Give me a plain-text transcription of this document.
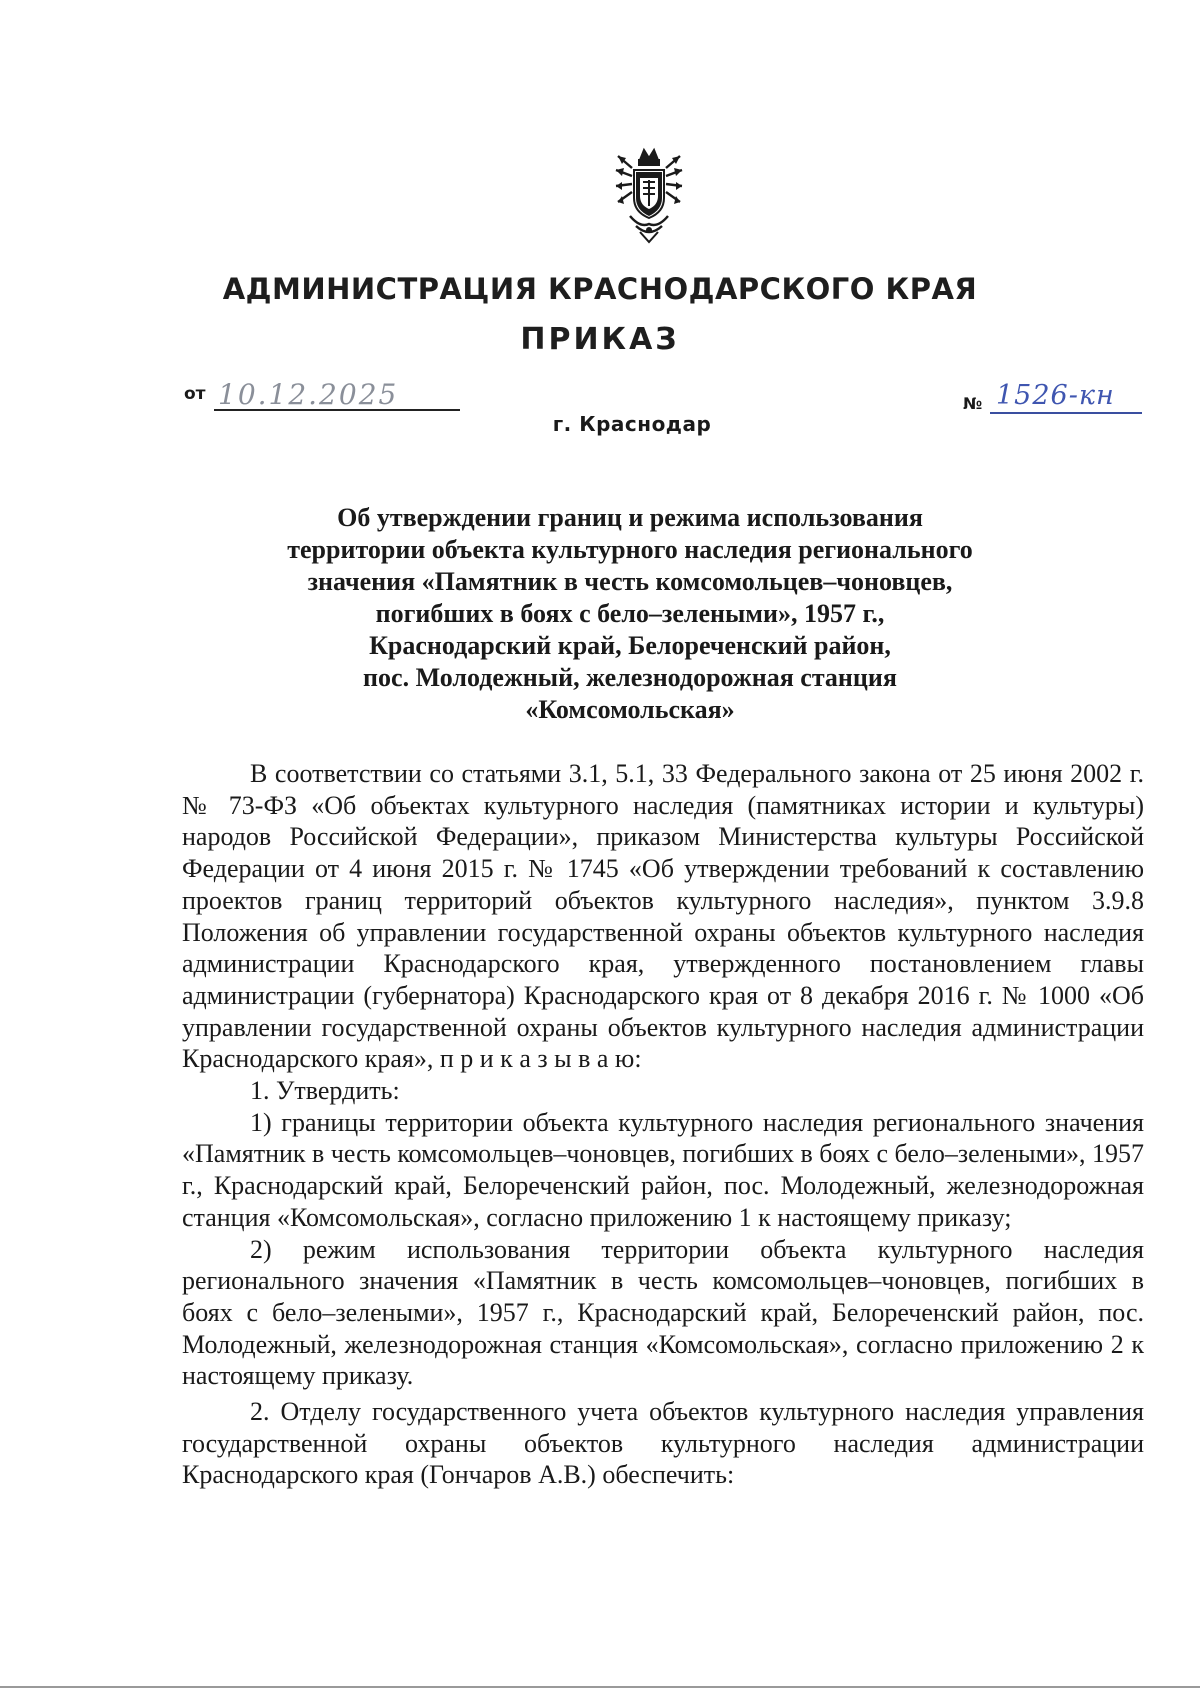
АДМИНИСТРАЦИЯ КРАСНОДАРСКОГО КРАЯ
ПРИКАЗ
от 10.12.2025	№ 1526-кн
г. Краснодар
Об утверждении границ и режима использования
территории объекта культурного наследия регионального
значения «Памятник в честь комсомольцев–чоновцев,
погибших в боях с бело–зелеными», 1957 г.,
Краснодарский край, Белореченский район,
пос. Молодежный, железнодорожная станция
«Комсомольская»

В соответствии со статьями 3.1, 5.1, 33 Федерального закона от 25 июня 2002 г. № 73-ФЗ «Об объектах культурного наследия (памятниках истории и культуры) народов Российской Федерации», приказом Министерства культуры Российской Федерации от 4 июня 2015 г. № 1745 «Об утверждении требований к составлению проектов границ территорий объектов культурного наследия», пунктом 3.9.8 Положения об управлении государственной охраны объектов культурного наследия администрации Краснодарского края, утвержденного постановлением главы администрации (губернатора) Краснодарского края от 8 декабря 2016 г. № 1000 «Об управлении государственной охраны объектов культурного наследия администрации Краснодарского края», п р и к а з ы в а ю:

1. Утвердить:

1) границы территории объекта культурного наследия регионального значения «Памятник в честь комсомольцев–чоновцев, погибших в боях с бело–зелеными», 1957 г., Краснодарский край, Белореченский район, пос. Молодежный, железнодорожная станция «Комсомольская», согласно приложению 1 к настоящему приказу;

2) режим использования территории объекта культурного наследия регионального значения «Памятник в честь комсомольцев–чоновцев, погибших в боях с бело–зелеными», 1957 г., Краснодарский край, Белореченский район, пос. Молодежный, железнодорожная станция «Комсомольская», согласно приложению 2 к настоящему приказу.

2. Отделу государственного учета объектов культурного наследия управления государственной охраны объектов культурного наследия администрации Краснодарского края (Гончаров А.В.) обеспечить:
